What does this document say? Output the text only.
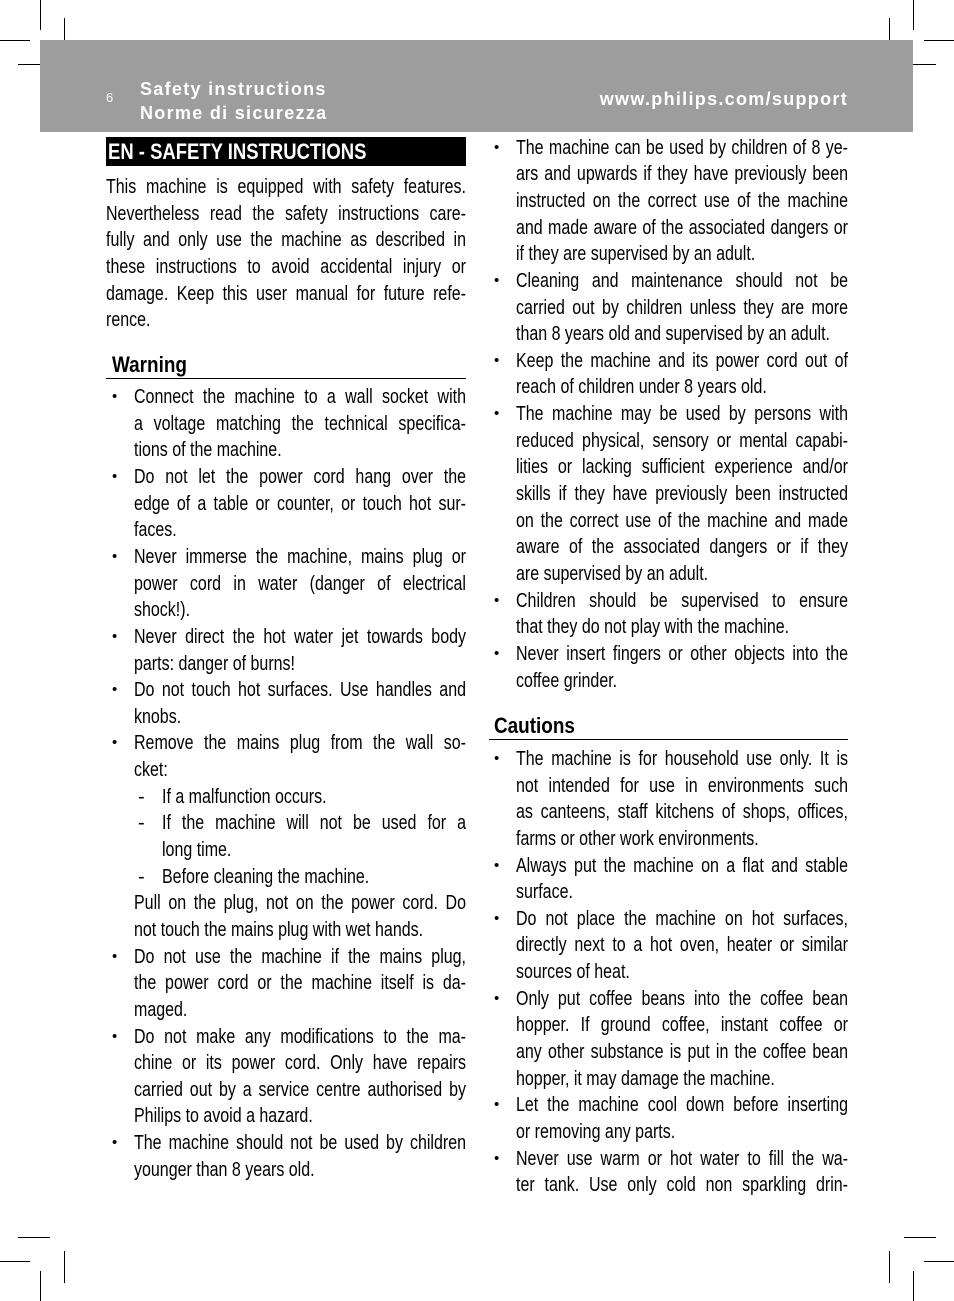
6 Safety instructions
Norme di sicurezza
www.philips.com/support
EN - SAFETY INSTRUCTIONS
This machine is equipped with safety features.
Nevertheless read the safety instructions care-
fully and only use the machine as described in
these instructions to avoid accidental injury or
damage. Keep this user manual for future refe-
rence.
Warning
• Connect the machine to a wall socket with
a voltage matching the technical specifica-
tions of the machine.
• Do not let the power cord hang over the
edge of a table or counter, or touch hot sur-
faces.
• Never immerse the machine, mains plug or
power cord in water (danger of electrical
shock!).
• Never direct the hot water jet towards body
parts: danger of burns!
• Do not touch hot surfaces. Use handles and
knobs.
• Remove the mains plug from the wall so-
cket:
- If a malfunction occurs.
- If the machine will not be used for a
long time.
- Before cleaning the machine.
Pull on the plug, not on the power cord. Do
not touch the mains plug with wet hands.
• Do not use the machine if the mains plug,
the power cord or the machine itself is da-
maged.
• Do not make any modifications to the ma-
chine or its power cord. Only have repairs
carried out by a service centre authorised by
Philips to avoid a hazard.
• The machine should not be used by children
younger than 8 years old.
• The machine can be used by children of 8 ye-
ars and upwards if they have previously been
instructed on the correct use of the machine
and made aware of the associated dangers or
if they are supervised by an adult.
• Cleaning and maintenance should not be
carried out by children unless they are more
than 8 years old and supervised by an adult.
• Keep the machine and its power cord out of
reach of children under 8 years old.
• The machine may be used by persons with
reduced physical, sensory or mental capabi-
lities or lacking sufficient experience and/or
skills if they have previously been instructed
on the correct use of the machine and made
aware of the associated dangers or if they
are supervised by an adult.
• Children should be supervised to ensure
that they do not play with the machine.
• Never insert fingers or other objects into the
coffee grinder.
Cautions
• The machine is for household use only. It is
not intended for use in environments such
as canteens, staff kitchens of shops, offices,
farms or other work environments.
• Always put the machine on a flat and stable
surface.
• Do not place the machine on hot surfaces,
directly next to a hot oven, heater or similar
sources of heat.
• Only put coffee beans into the coffee bean
hopper. If ground coffee, instant coffee or
any other substance is put in the coffee bean
hopper, it may damage the machine.
• Let the machine cool down before inserting
or removing any parts.
• Never use warm or hot water to fill the wa-
ter tank. Use only cold non sparkling drin-
